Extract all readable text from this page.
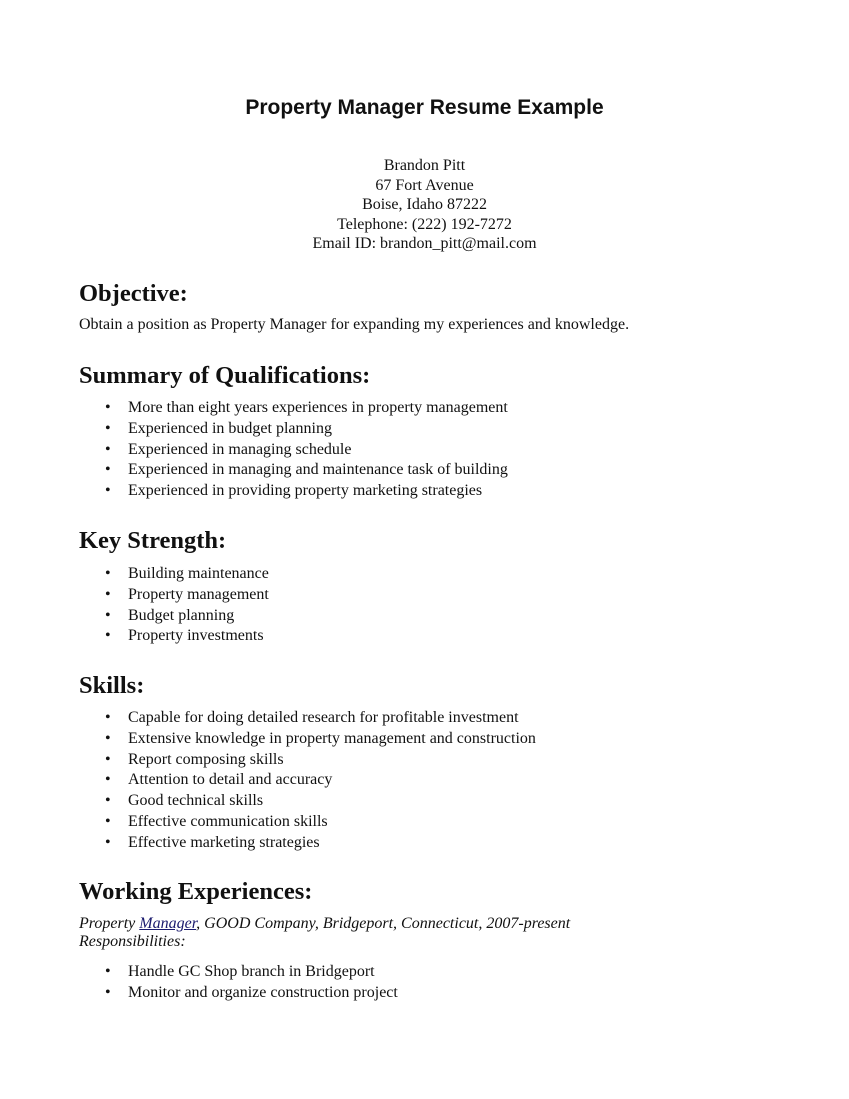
Property Manager Resume Example
Brandon Pitt
67 Fort Avenue
Boise, Idaho 87222
Telephone: (222) 192-7272
Email ID: brandon_pitt@mail.com
Objective:

Obtain a position as Property Manager for expanding my experiences and knowledge.

Summary of Qualifications:
• More than eight years experiences in property management
• Experienced in budget planning
• Experienced in managing schedule
• Experienced in managing and maintenance task of building
• Experienced in providing property marketing strategies
Key Strength:
• Building maintenance
• Property management
• Budget planning
• Property investments
Skills:
• Capable for doing detailed research for profitable investment
• Extensive knowledge in property management and construction
• Report composing skills
• Attention to detail and accuracy
• Good technical skills
• Effective communication skills
• Effective marketing strategies
Working Experiences:

Property Manager, GOOD Company, Bridgeport, Connecticut, 2007-present
Responsibilities:

• Handle GC Shop branch in Bridgeport
• Monitor and organize construction project
